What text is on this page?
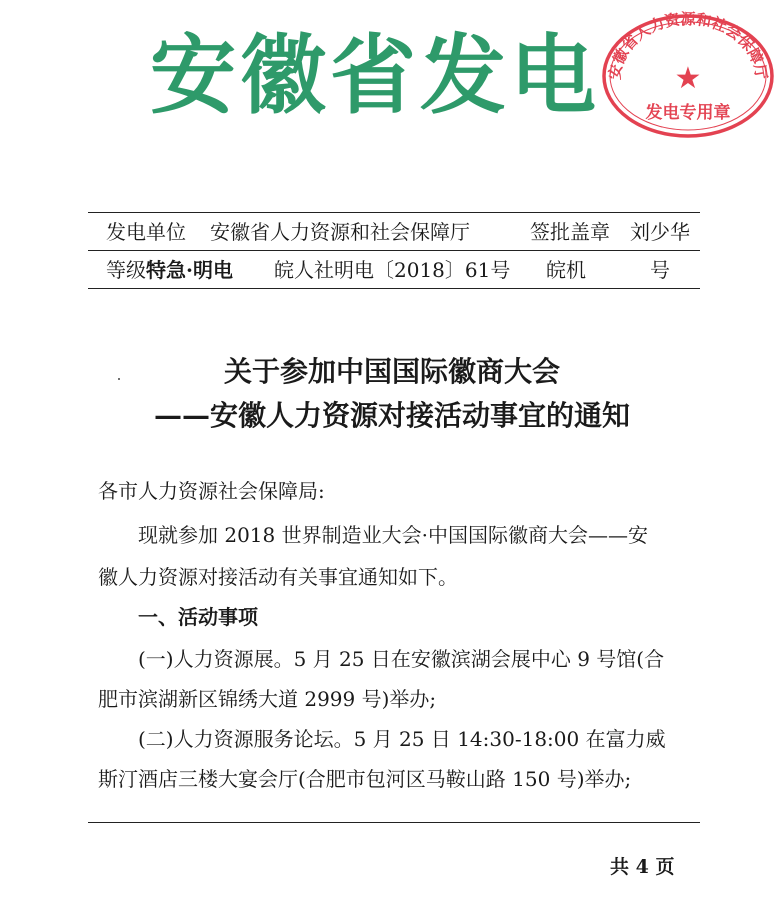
安徽省发电 安徽省人力资源和社会保障厅
★
发电专用章
发电单位 安徽省人力资源和社会保障厅	签批盖章 刘少华
等级 特急·明电 皖人社明电〔2018〕61号 皖机	号
关于参加中国国际徽商大会
——安徽人力资源对接活动事宜的通知
各市人力资源社会保障局:
现就参加 2018 世界制造业大会·中国国际徽商大会——安
徽人力资源对接活动有关事宜通知如下。
一、活动事项
(一)人力资源展。5 月 25 日在安徽滨湖会展中心 9 号馆(合
肥市滨湖新区锦绣大道 2999 号)举办;
(二)人力资源服务论坛。5 月 25 日 14:30-18:00 在富力威
斯汀酒店三楼大宴会厅(合肥市包河区马鞍山路 150 号)举办;
共 4 页
